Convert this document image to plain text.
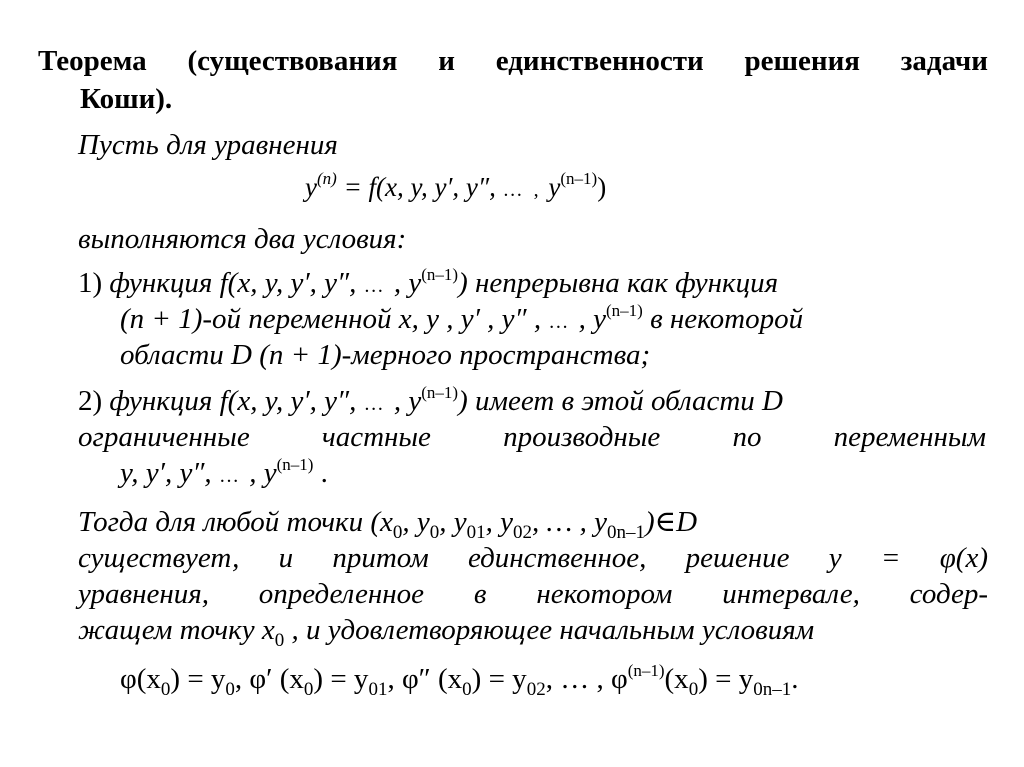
Теорема (существования и единственности решения задачи
Коши).
Пусть для уравнения
$y^{(n)} = f(x$, y, y′, y″, … , $y^{(n-1)}$)
выполняются два условия:
1) функция f(x, y, y′, y″, … , $y^{(n-1)}$) непрерывна как функция
(n + 1)-ой переменной x, y , y′ , y″ , … , $y^{(n-1)}$ в некоторой
области D (n + 1)-мерного пространства;
2) функция f(x, y, y′, y″, … , $y^{(n-1)}$) имеет в этой области D
ограниченные частные производные по переменным
y, y′, y″, … , $y^{(n-1)}$ .
Тогда для любой точки ($x_0$, $y_0$, $y_{01}$, $y_{02}$, … , $y_{0n-1})\in D$
существует, и притом единственное, решение y = φ(x)
уравнения, определенное в некотором интервале, содер-
жащем точку $x_0$ , и удовлетворяющее начальным условиям
$\varphi(x_0) = y_0$, φ′ $(x_0) = y_{01}$, φ″ $(x_0) = y_{02}$, … , $\varphi^{(n-1)}(x_0) = y_{0n-1}$.
